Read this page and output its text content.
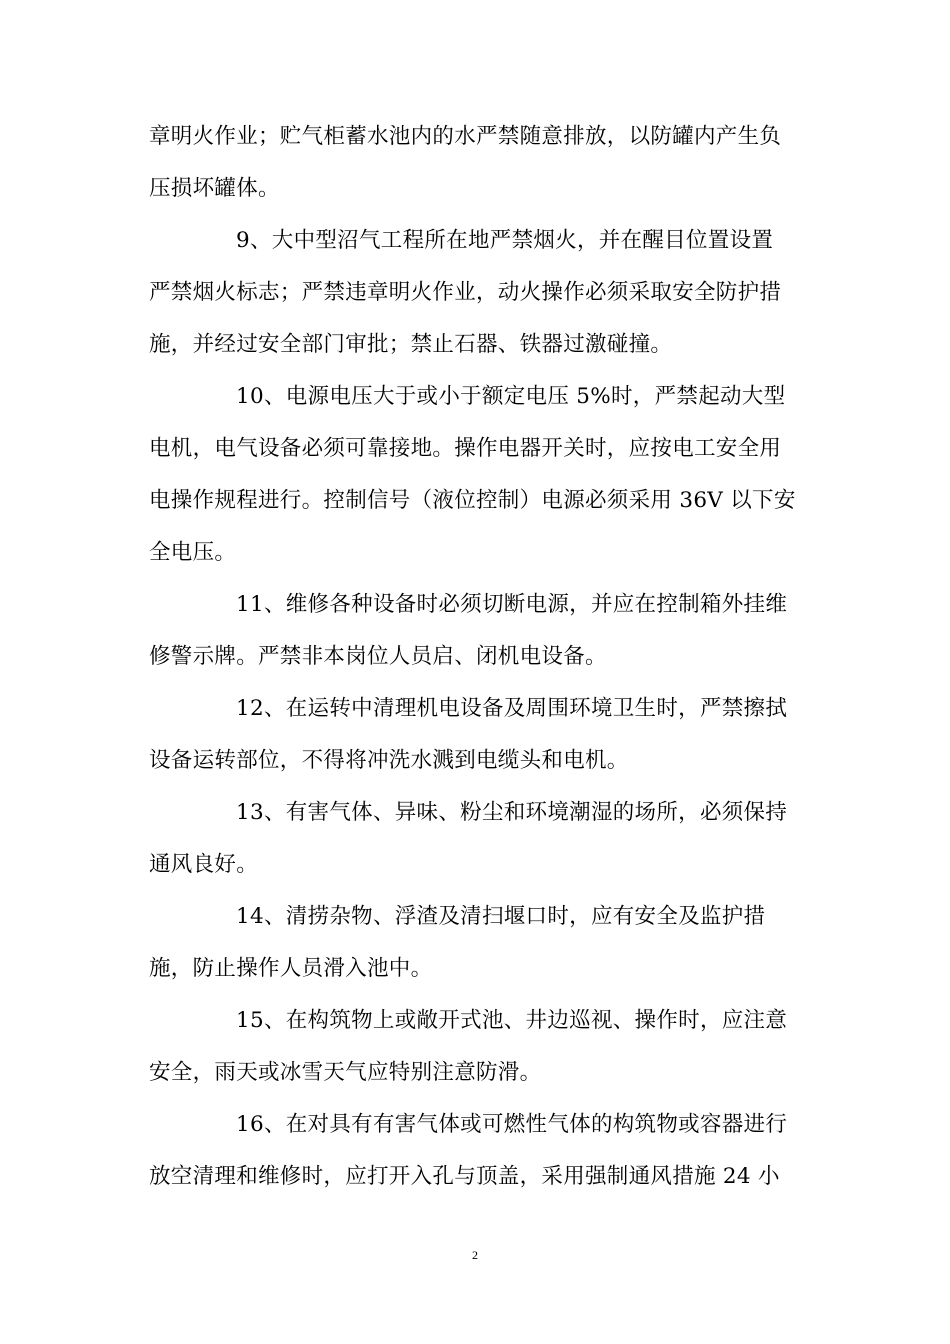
章明火作业；贮气柜蓄水池内的水严禁随意排放，以防罐内产生负
压损坏罐体。
9、大中型沼气工程所在地严禁烟火，并在醒目位置设置
严禁烟火标志；严禁违章明火作业，动火操作必须采取安全防护措
施，并经过安全部门审批；禁止石器、铁器过激碰撞。
10、电源电压大于或小于额定电压 5%时，严禁起动大型
电机，电气设备必须可靠接地。操作电器开关时，应按电工安全用
电操作规程进行。控制信号（液位控制）电源必须采用 36V 以下安
全电压。
11、维修各种设备时必须切断电源，并应在控制箱外挂维
修警示牌。严禁非本岗位人员启、闭机电设备。
12、在运转中清理机电设备及周围环境卫生时，严禁擦拭
设备运转部位，不得将冲洗水溅到电缆头和电机。
13、有害气体、异味、粉尘和环境潮湿的场所，必须保持
通风良好。
14、清捞杂物、浮渣及清扫堰口时，应有安全及监护措
施，防止操作人员滑入池中。
15、在构筑物上或敞开式池、井边巡视、操作时，应注意
安全，雨天或冰雪天气应特别注意防滑。
16、在对具有有害气体或可燃性气体的构筑物或容器进行
放空清理和维修时，应打开入孔与顶盖，采用强制通风措施 24 小
2
